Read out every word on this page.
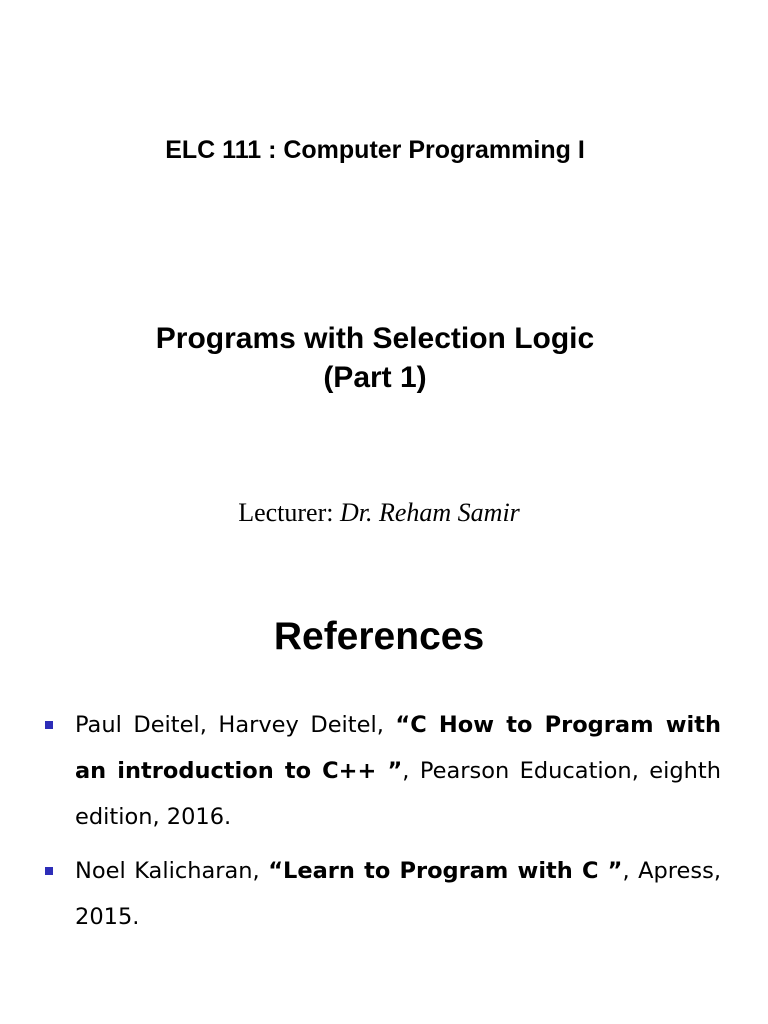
ELC 111 : Computer Programming I
Programs with Selection Logic
(Part 1)
Lecturer: Dr. Reham Samir
References
Paul Deitel, Harvey Deitel, “C How to Program with an introduction to C++ ”, Pearson Education, eighth edition, 2016.
Noel Kalicharan, “Learn to Program with C ”, Apress, 2015.
